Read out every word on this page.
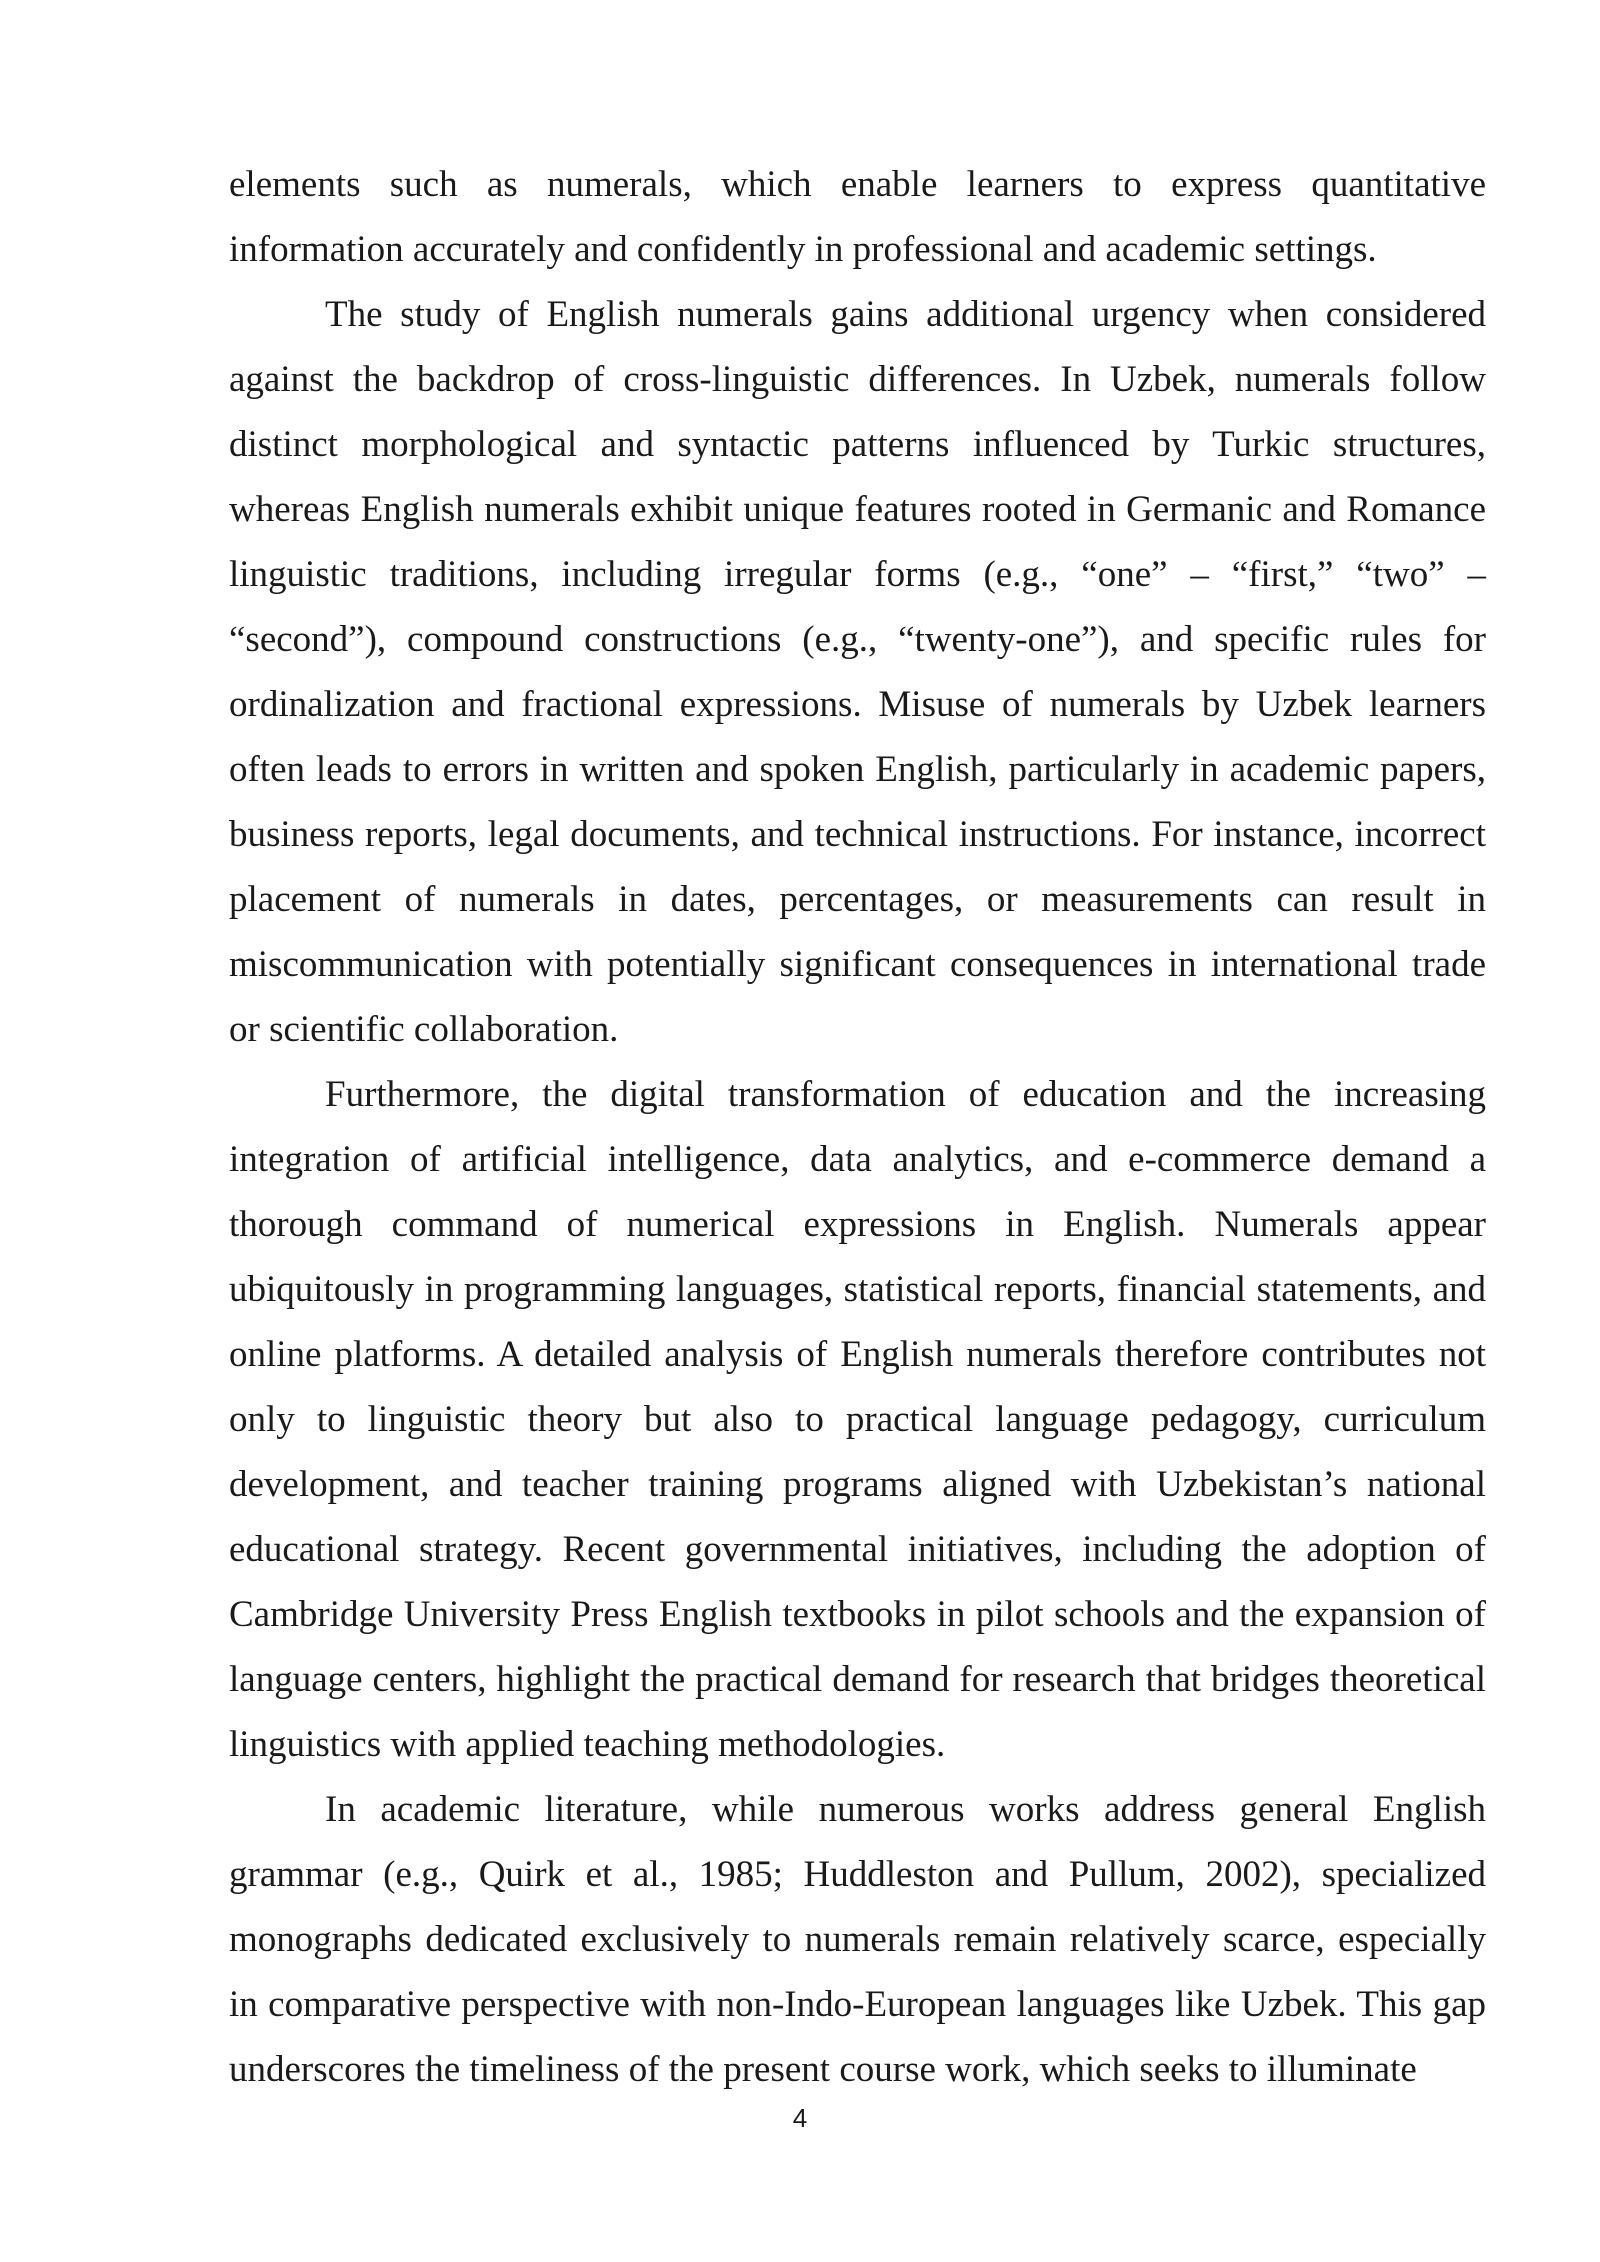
elements such as numerals, which enable learners to express quantitative information accurately and confidently in professional and academic settings.

The study of English numerals gains additional urgency when considered against the backdrop of cross-linguistic differences. In Uzbek, numerals follow distinct morphological and syntactic patterns influenced by Turkic structures, whereas English numerals exhibit unique features rooted in Germanic and Romance linguistic traditions, including irregular forms (e.g., “one” – “first,” “two” – “second”), compound constructions (e.g., “twenty-one”), and specific rules for ordinalization and fractional expressions. Misuse of numerals by Uzbek learners often leads to errors in written and spoken English, particularly in academic papers, business reports, legal documents, and technical instructions. For instance, incorrect placement of numerals in dates, percentages, or measurements can result in miscommunication with potentially significant consequences in international trade or scientific collaboration.

Furthermore, the digital transformation of education and the increasing integration of artificial intelligence, data analytics, and e-commerce demand a thorough command of numerical expressions in English. Numerals appear ubiquitously in programming languages, statistical reports, financial statements, and online platforms. A detailed analysis of English numerals therefore contributes not only to linguistic theory but also to practical language pedagogy, curriculum development, and teacher training programs aligned with Uzbekistan’s national educational strategy. Recent governmental initiatives, including the adoption of Cambridge University Press English textbooks in pilot schools and the expansion of language centers, highlight the practical demand for research that bridges theoretical linguistics with applied teaching methodologies.

In academic literature, while numerous works address general English grammar (e.g., Quirk et al., 1985; Huddleston and Pullum, 2002), specialized monographs dedicated exclusively to numerals remain relatively scarce, especially in comparative perspective with non-Indo-European languages like Uzbek. This gap underscores the timeliness of the present course work, which seeks to illuminate

4
